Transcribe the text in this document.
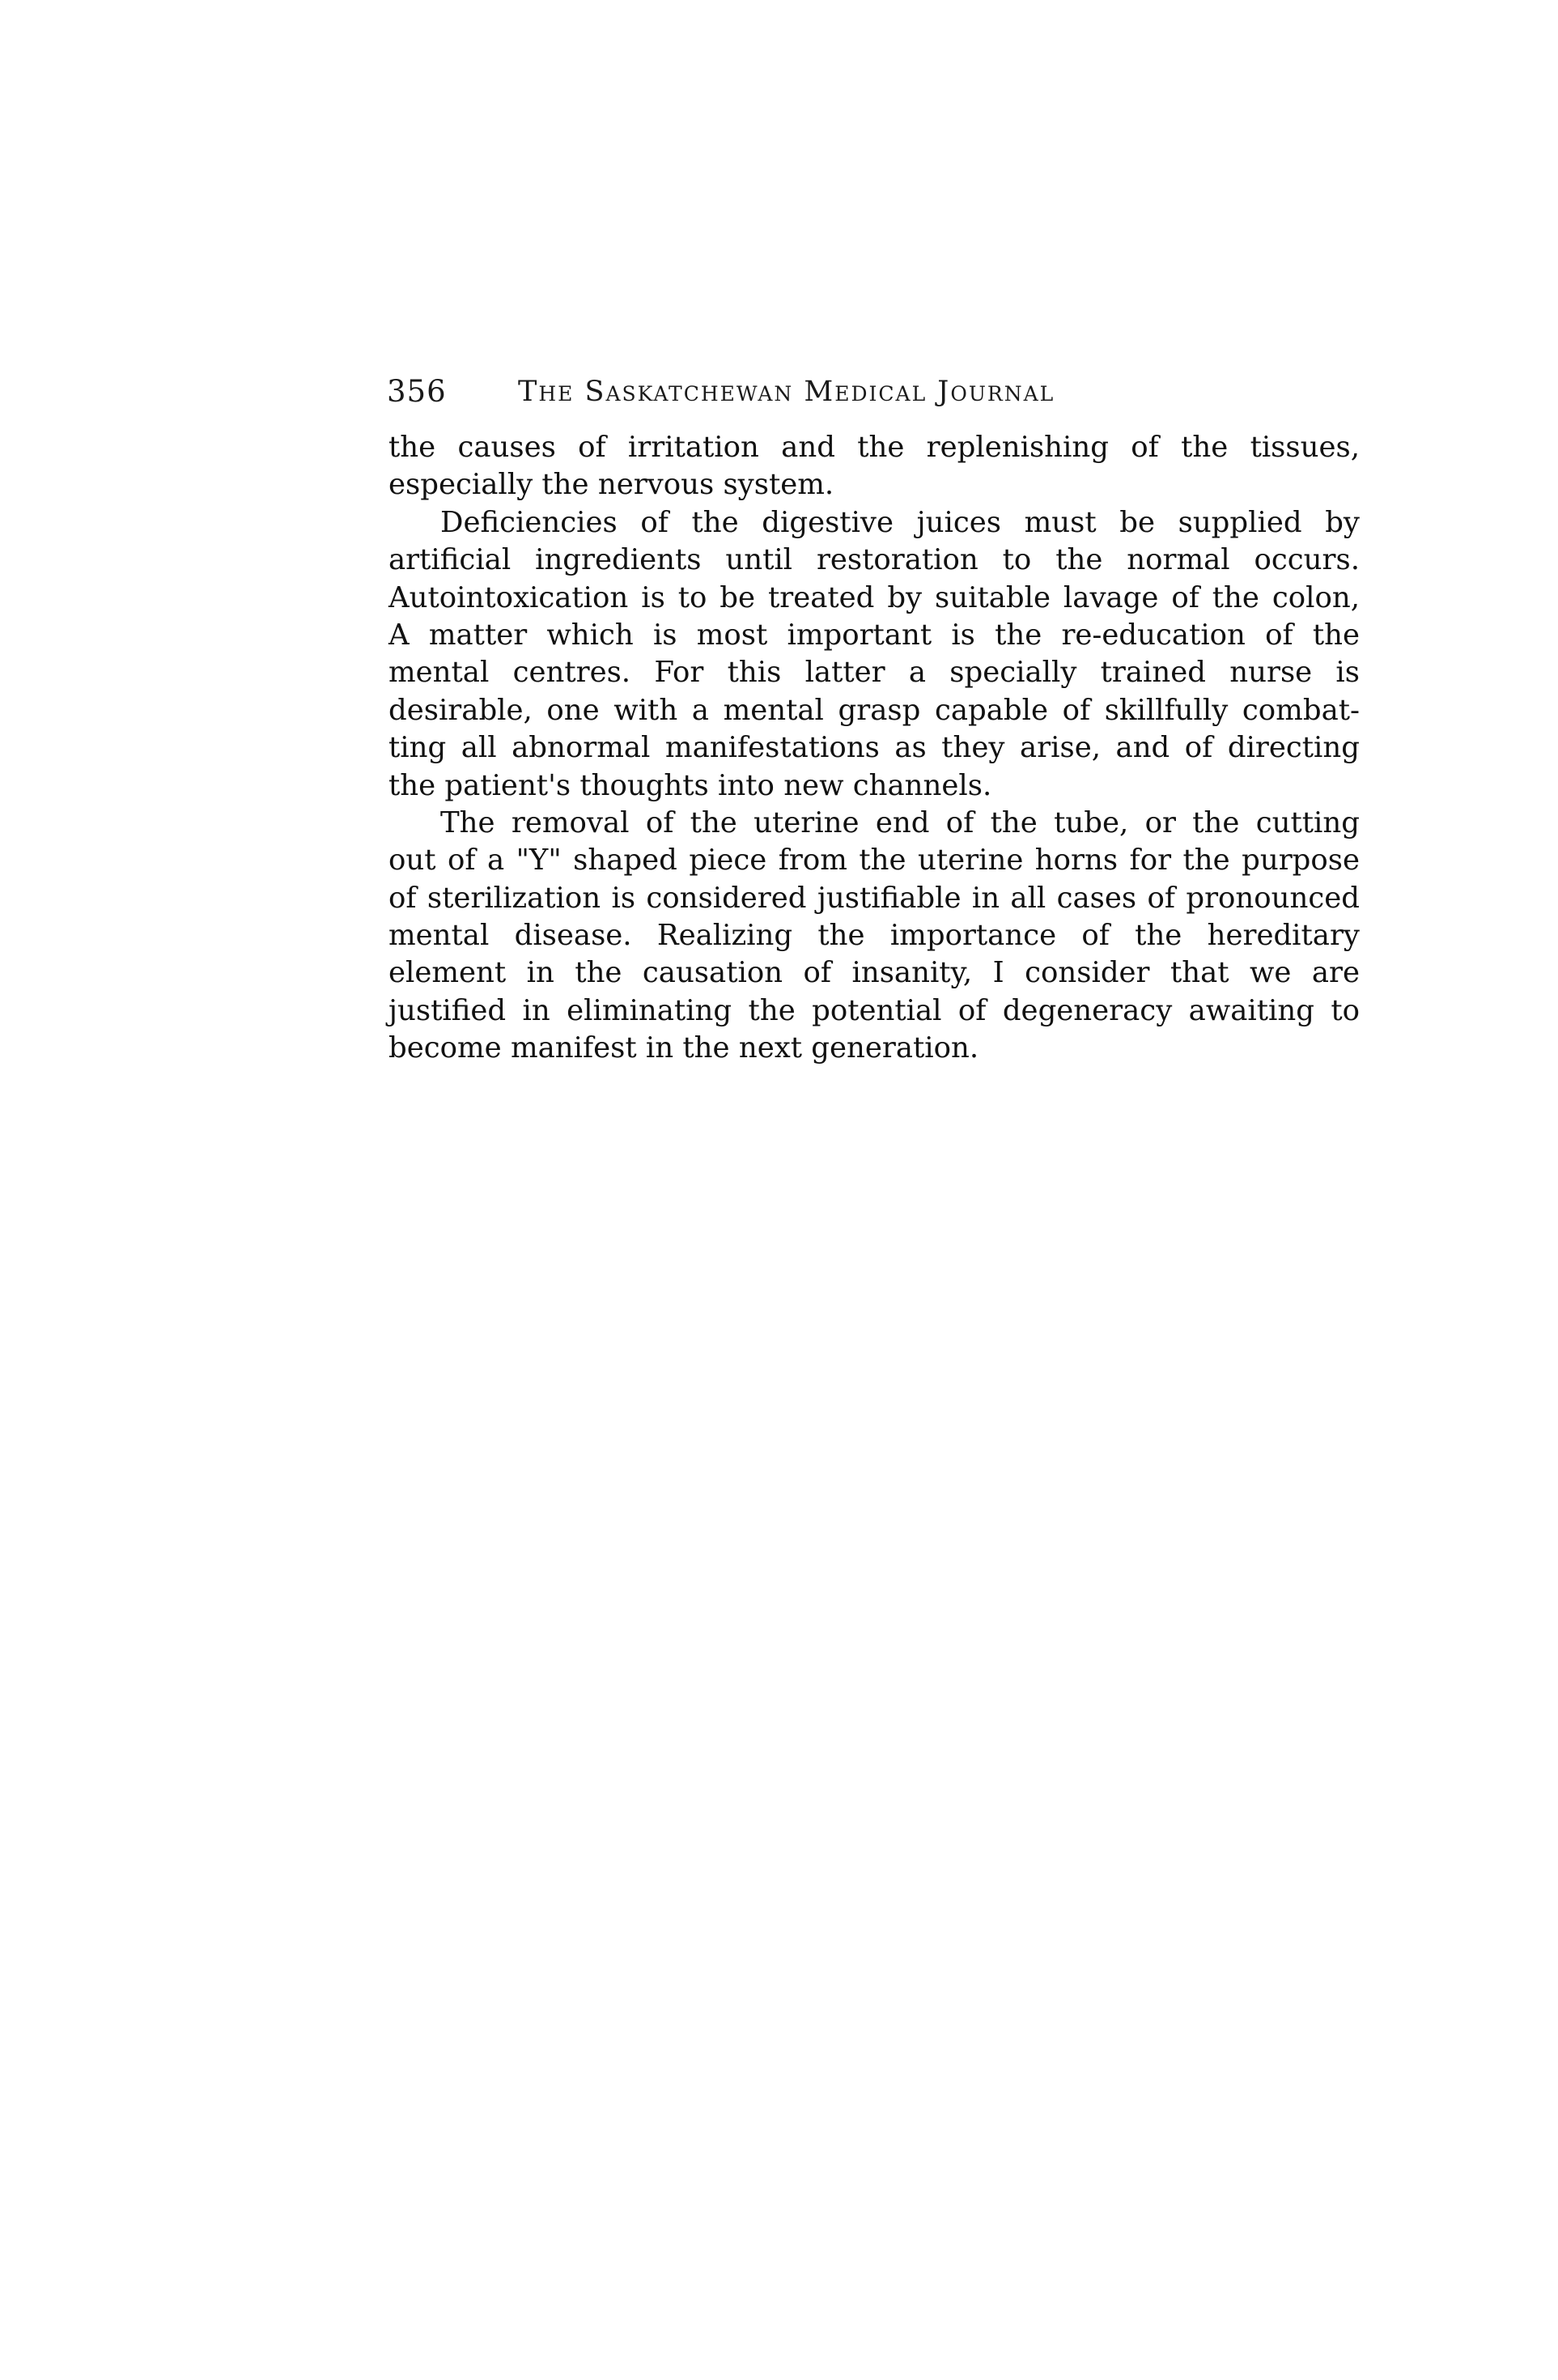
356	The Saskatchewan Medical Journal
the causes of irritation and the replenishing of the tissues,
especially the nervous system.
Deficiencies of the digestive juices must be supplied by
artificial ingredients until restoration to the normal occurs.
Autointoxication is to be treated by suitable lavage of the colon,
A matter which is most important is the re-education of the
mental centres. For this latter a specially trained nurse is
desirable, one with a mental grasp capable of skillfully combat-
ting all abnormal manifestations as they arise, and of directing
the patient's thoughts into new channels.
The removal of the uterine end of the tube, or the cutting
out of a "Y" shaped piece from the uterine horns for the purpose
of sterilization is considered justifiable in all cases of pronounced
mental disease. Realizing the importance of the hereditary
element in the causation of insanity, I consider that we are
justified in eliminating the potential of degeneracy awaiting to
become manifest in the next generation.
